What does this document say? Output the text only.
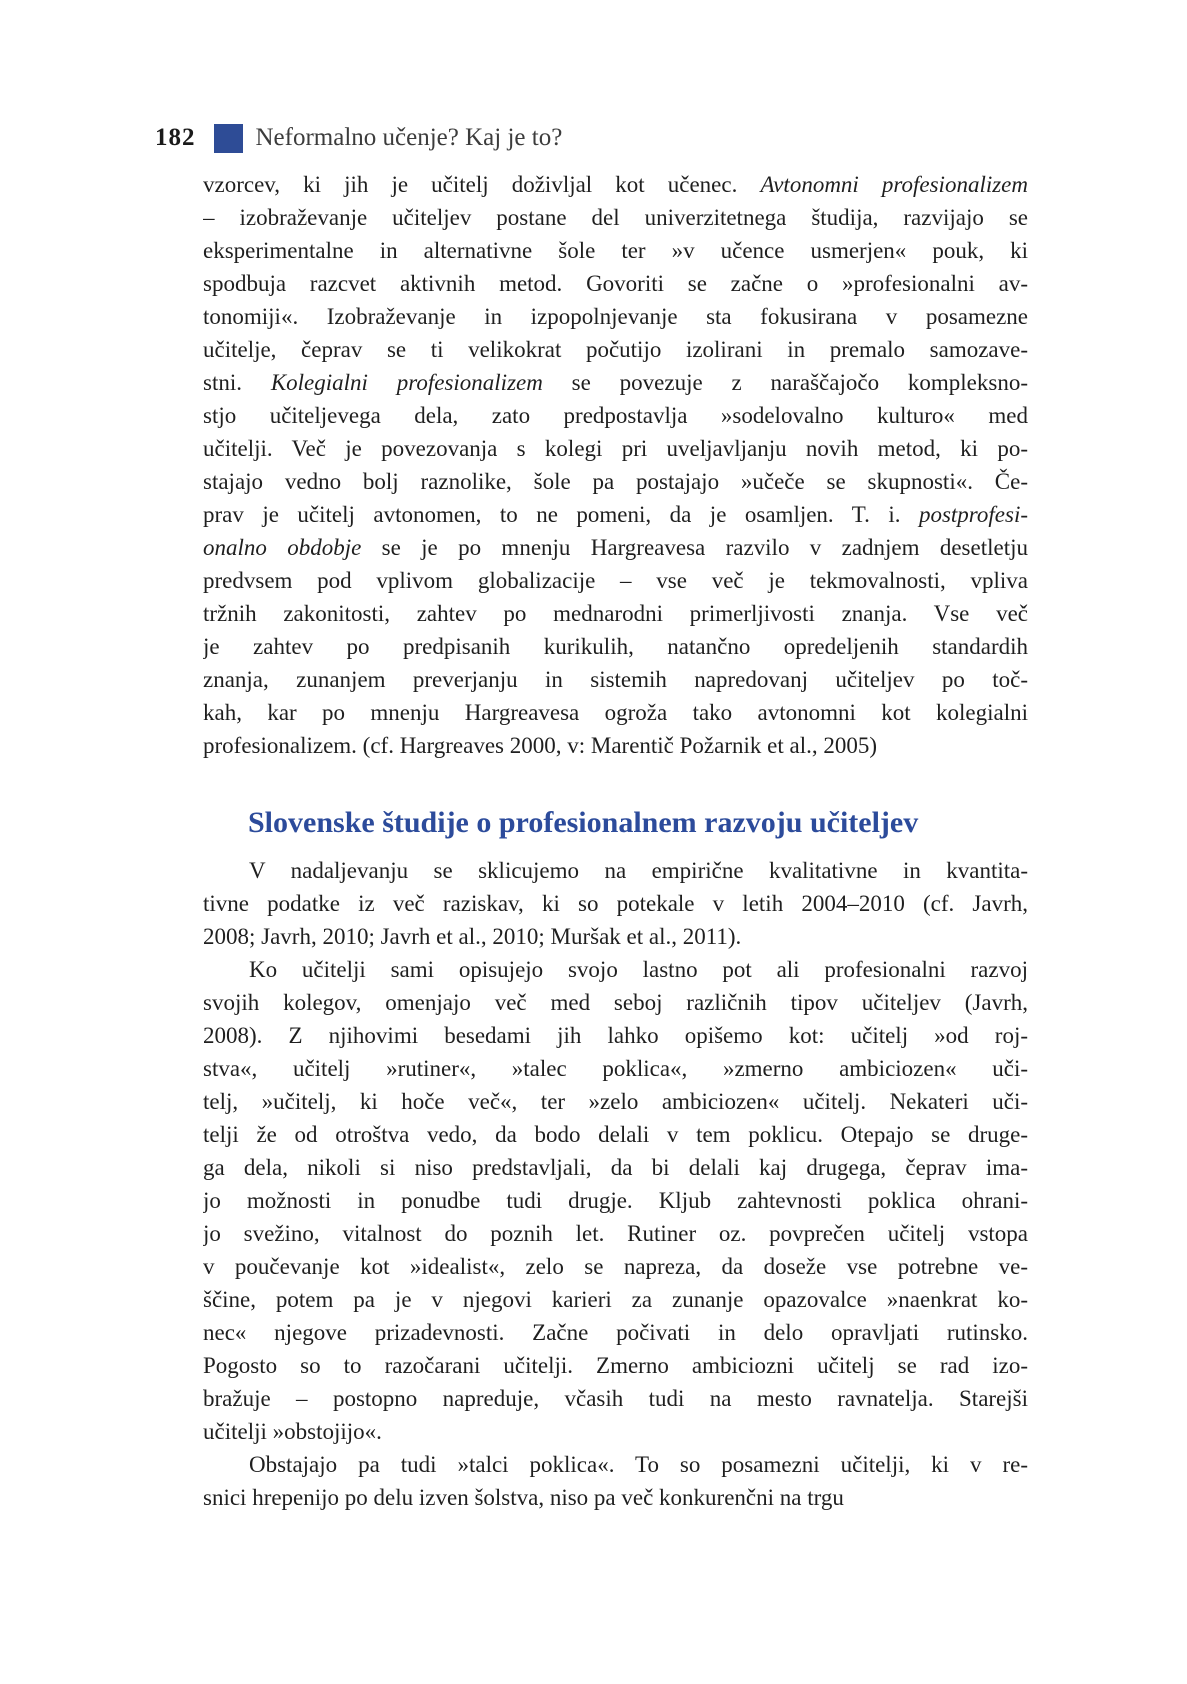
182 Neformalno učenje? Kaj je to?
vzorcev, ki jih je učitelj doživljal kot učenec. Avtonomni profesionalizem
– izobraževanje učiteljev postane del univerzitetnega študija, razvijajo se
eksperimentalne in alternativne šole ter »v učence usmerjen« pouk, ki
spodbuja razcvet aktivnih metod. Govoriti se začne o »profesionalni av-
tonomiji«. Izobraževanje in izpopolnjevanje sta fokusirana v posamezne
učitelje, čeprav se ti velikokrat počutijo izolirani in premalo samozave-
stni. Kolegialni profesionalizem se povezuje z naraščajočo kompleksno-
stjo učiteljevega dela, zato predpostavlja »sodelovalno kulturo« med
učitelji. Več je povezovanja s kolegi pri uveljavljanju novih metod, ki po-
stajajo vedno bolj raznolike, šole pa postajajo »učeče se skupnosti«. Če-
prav je učitelj avtonomen, to ne pomeni, da je osamljen. T. i. postprofesi-
onalno obdobje se je po mnenju Hargreavesa razvilo v zadnjem desetletju
predvsem pod vplivom globalizacije – vse več je tekmovalnosti, vpliva
tržnih zakonitosti, zahtev po mednarodni primerljivosti znanja. Vse več
je zahtev po predpisanih kurikulih, natančno opredeljenih standardih
znanja, zunanjem preverjanju in sistemih napredovanj učiteljev po toč-
kah, kar po mnenju Hargreavesa ogroža tako avtonomni kot kolegialni
profesionalizem. (cf. Hargreaves 2000, v: Marentič Požarnik et al., 2005)
Slovenske študije o profesionalnem razvoju učiteljev
V nadaljevanju se sklicujemo na empirične kvalitativne in kvantita-
tivne podatke iz več raziskav, ki so potekale v letih 2004–2010 (cf. Javrh,
2008; Javrh, 2010; Javrh et al., 2010; Muršak et al., 2011).
Ko učitelji sami opisujejo svojo lastno pot ali profesionalni razvoj
svojih kolegov, omenjajo več med seboj različnih tipov učiteljev (Javrh,
2008). Z njihovimi besedami jih lahko opišemo kot: učitelj »od roj-
stva«, učitelj »rutiner«, »talec poklica«, »zmerno ambiciozen« uči-
telj, »učitelj, ki hoče več«, ter »zelo ambiciozen« učitelj. Nekateri uči-
telji že od otroštva vedo, da bodo delali v tem poklicu. Otepajo se druge-
ga dela, nikoli si niso predstavljali, da bi delali kaj drugega, čeprav ima-
jo možnosti in ponudbe tudi drugje. Kljub zahtevnosti poklica ohrani-
jo svežino, vitalnost do poznih let. Rutiner oz. povprečen učitelj vstopa
v poučevanje kot »idealist«, zelo se napreza, da doseže vse potrebne ve-
ščine, potem pa je v njegovi karieri za zunanje opazovalce »naenkrat ko-
nec« njegove prizadevnosti. Začne počivati in delo opravljati rutinsko.
Pogosto so to razočarani učitelji. Zmerno ambiciozni učitelj se rad izo-
bražuje – postopno napreduje, včasih tudi na mesto ravnatelja. Starejši
učitelji »obstojijo«.
Obstajajo pa tudi »talci poklica«. To so posamezni učitelji, ki v re-
snici hrepenijo po delu izven šolstva, niso pa več konkurenčni na trgu
